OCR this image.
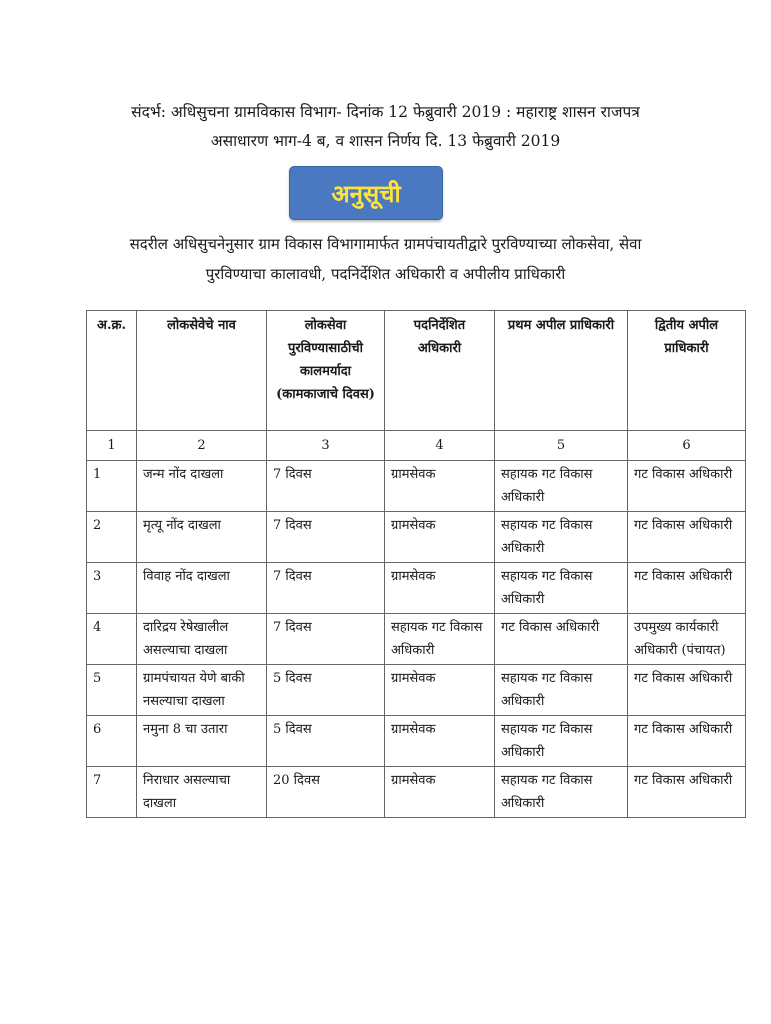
संदर्भ: अधिसुचना ग्रामविकास विभाग- दिनांक 12 फेब्रुवारी 2019 : महाराष्ट्र शासन राजपत्र
असाधारण भाग-4 ब, व शासन निर्णय दि. 13 फेब्रुवारी 2019
अनुसूची
सदरील अधिसुचनेनुसार ग्राम विकास विभागामार्फत ग्रामपंचायतीद्वारे पुरविण्याच्या लोकसेवा, सेवा
पुरविण्याचा कालावधी, पदनिर्देशित अधिकारी व अपीलीय प्राधिकारी
अ.क्र.	लोकसेवेचे नाव	लोकसेवा पुरविण्यासाठीची कालमर्यादा (कामकाजाचे दिवस)	पदनिर्देशित अधिकारी	प्रथम अपील प्राधिकारी	द्वितीय अपील प्राधिकारी
1	2	3	4	5	6
1	जन्म नोंद दाखला	7 दिवस	ग्रामसेवक	सहायक गट विकास अधिकारी	गट विकास अधिकारी
2	मृत्यू नोंद दाखला	7 दिवस	ग्रामसेवक	सहायक गट विकास अधिकारी	गट विकास अधिकारी
3	विवाह नोंद दाखला	7 दिवस	ग्रामसेवक	सहायक गट विकास अधिकारी	गट विकास अधिकारी
4	दारिद्रय रेषेखालील असल्याचा दाखला	7 दिवस	सहायक गट विकास अधिकारी	गट विकास अधिकारी	उपमुख्य कार्यकारी अधिकारी (पंचायत)
5	ग्रामपंचायत येणे बाकी नसल्याचा दाखला	5 दिवस	ग्रामसेवक	सहायक गट विकास अधिकारी	गट विकास अधिकारी
6	नमुना 8 चा उतारा	5 दिवस	ग्रामसेवक	सहायक गट विकास अधिकारी	गट विकास अधिकारी
7	निराधार असल्याचा दाखला	20 दिवस	ग्रामसेवक	सहायक गट विकास अधिकारी	गट विकास अधिकारी
